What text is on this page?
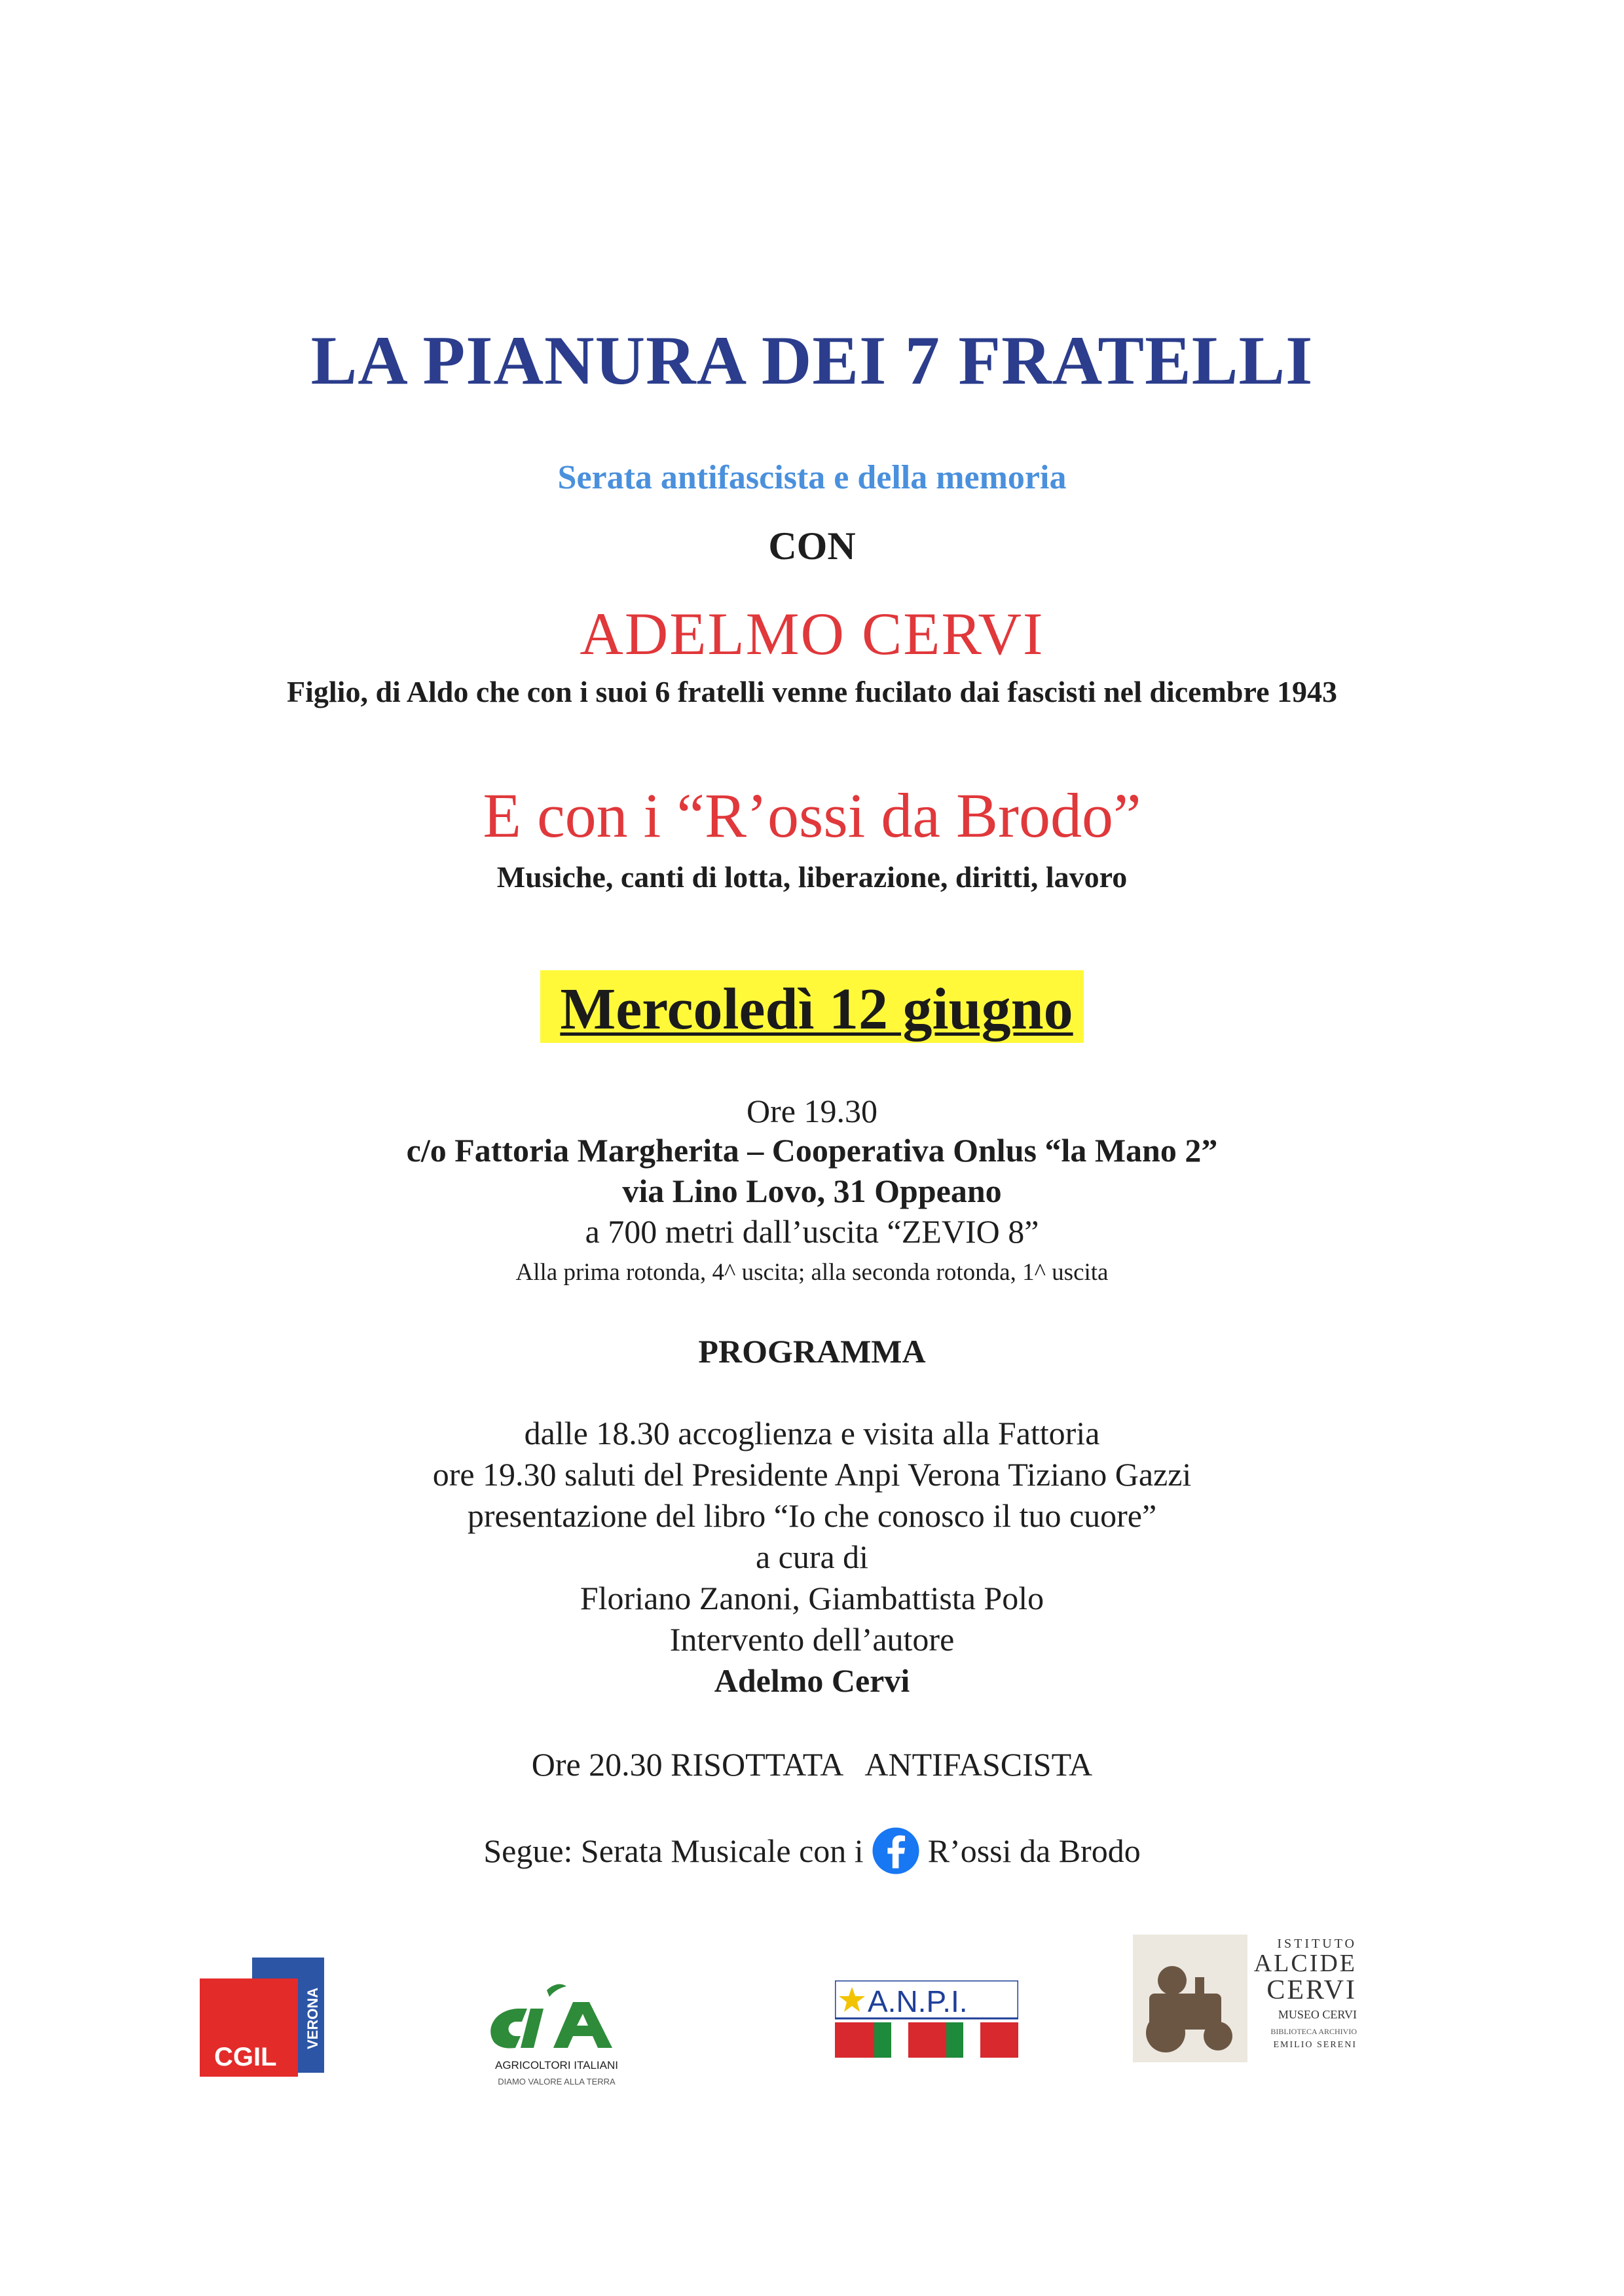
LA PIANURA DEI 7 FRATELLI
Serata antifascista e della memoria
CON
ADELMO CERVI
Figlio, di Aldo che con i suoi 6 fratelli venne fucilato dai fascisti nel dicembre 1943
E con i “R’ossi da Brodo”
Musiche, canti di lotta, liberazione, diritti, lavoro
Mercoledì 12 giugno
Ore 19.30
c/o Fattoria Margherita – Cooperativa Onlus “la Mano 2”
via Lino Lovo, 31 Oppeano
a 700 metri dall’uscita “ZEVIO 8”
Alla prima rotonda, 4^ uscita; alla seconda rotonda, 1^ uscita
PROGRAMMA
dalle 18.30 accoglienza e visita alla Fattoria
ore 19.30 saluti del Presidente Anpi Verona Tiziano Gazzi
presentazione del libro “Io che conosco il tuo cuore”
a cura di
Floriano Zanoni, Giambattista Polo
Intervento dell’autore
Adelmo Cervi
Ore 20.30 RISOTTATA   ANTIFASCISTA
Segue: Serata Musicale con i R’ossi da Brodo
CGIL
VERONA
AGRICOLTORI ITALIANI
DIAMO VALORE ALLA TERRA
A.N.P.I.
ISTITUTO
ALCIDE
CERVI
MUSEO CERVI
BIBLIOTECA ARCHIVIO
EMILIO SERENI
